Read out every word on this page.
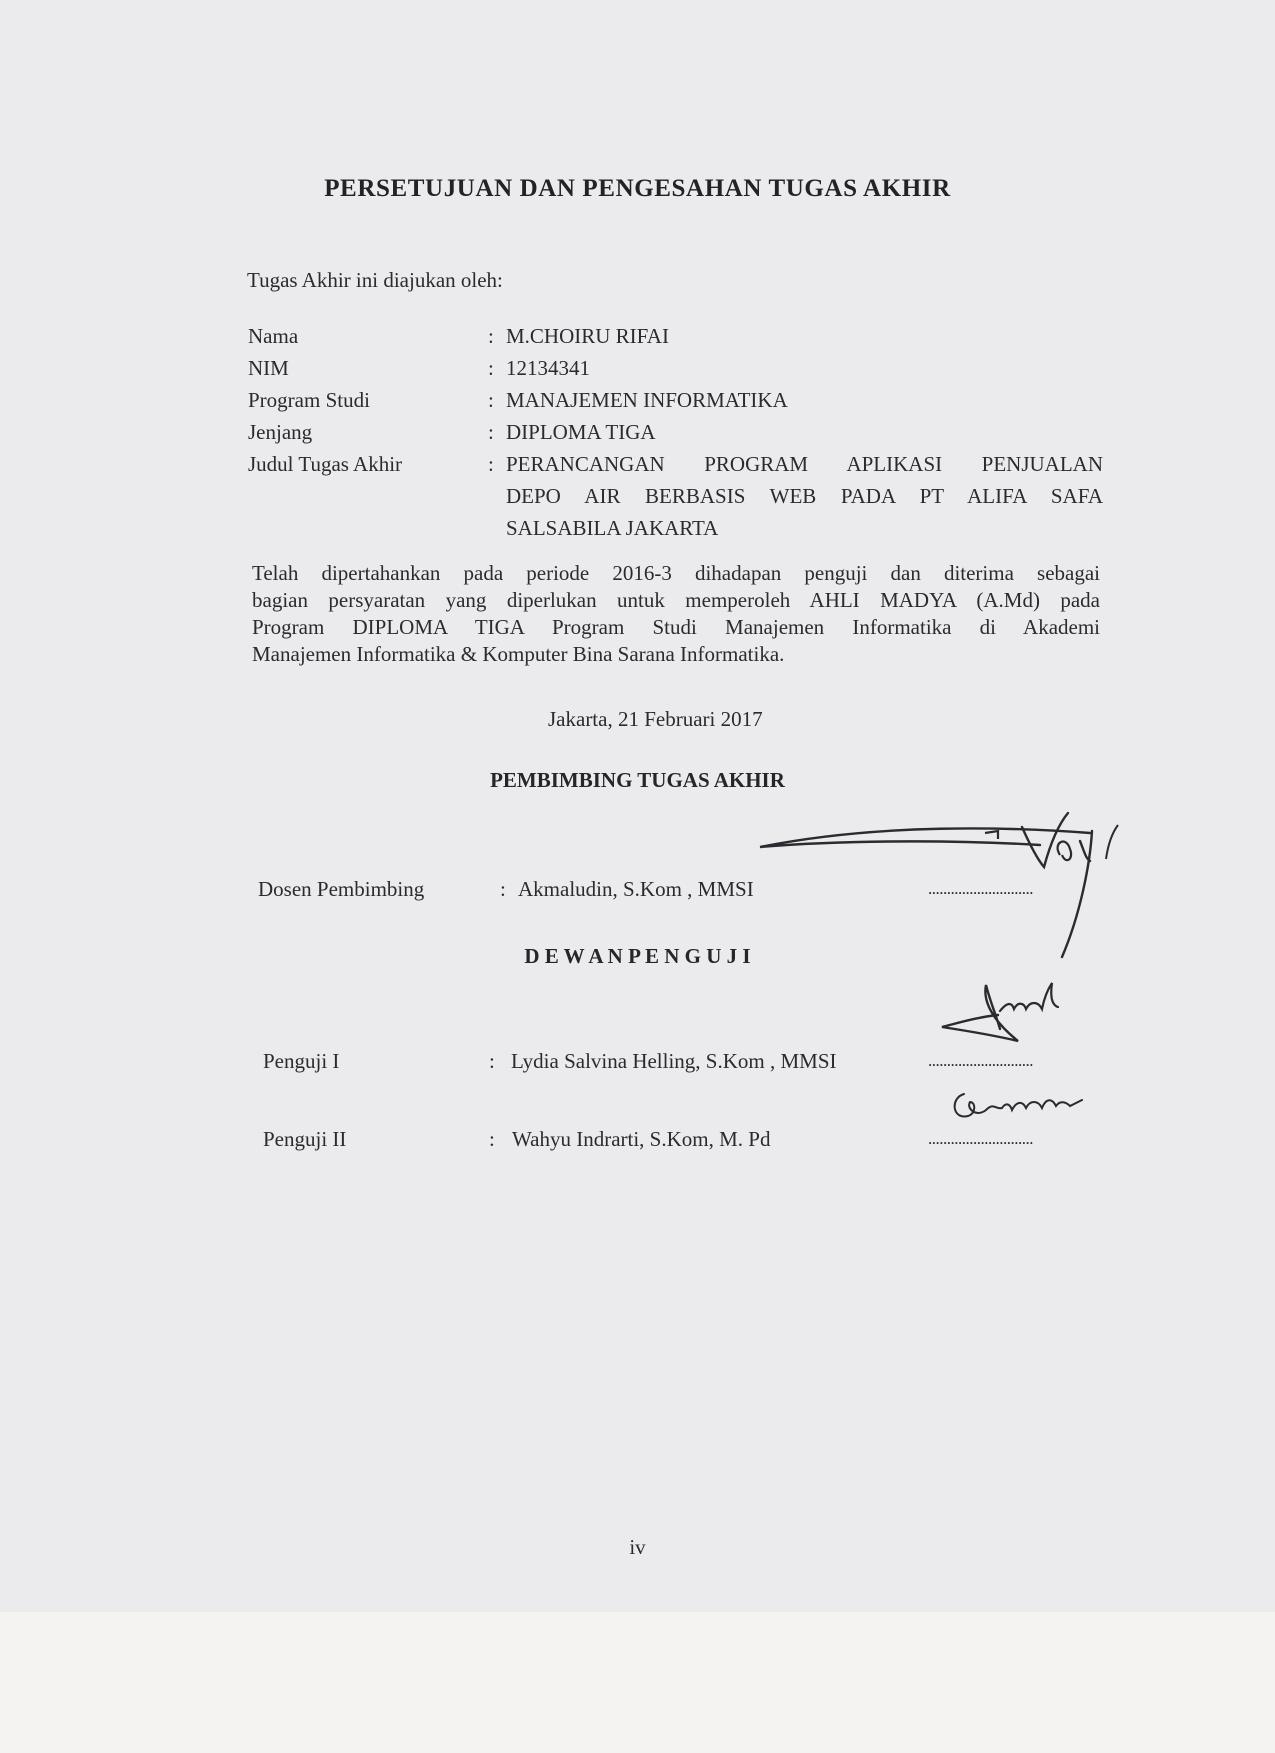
PERSETUJUAN DAN PENGESAHAN TUGAS AKHIR
Tugas Akhir ini diajukan oleh:
Nama	: M.CHOIRU RIFAI
NIM	: 12134341
Program Studi	: MANAJEMEN INFORMATIKA
Jenjang	: DIPLOMA TIGA
Judul Tugas Akhir	: PERANCANGAN PROGRAM APLIKASI PENJUALAN
DEPO AIR BERBASIS WEB PADA PT ALIFA SAFA
SALSABILA JAKARTA
Telah dipertahankan pada periode 2016-3 dihadapan penguji dan diterima sebagai
bagian persyaratan yang diperlukan untuk memperoleh AHLI MADYA (A.Md) pada
Program DIPLOMA TIGA Program Studi Manajemen Informatika di Akademi
Manajemen Informatika & Komputer Bina Sarana Informatika.
Jakarta, 21 Februari 2017
PEMBIMBING TUGAS AKHIR
Dosen Pembimbing	: Akmaludin, S.Kom , MMSI	............................
D E W A N P E N G U J I
Penguji I	: Lydia Salvina Helling, S.Kom , MMSI	............................
Penguji II	: Wahyu Indrarti, S.Kom, M. Pd	............................
iv
